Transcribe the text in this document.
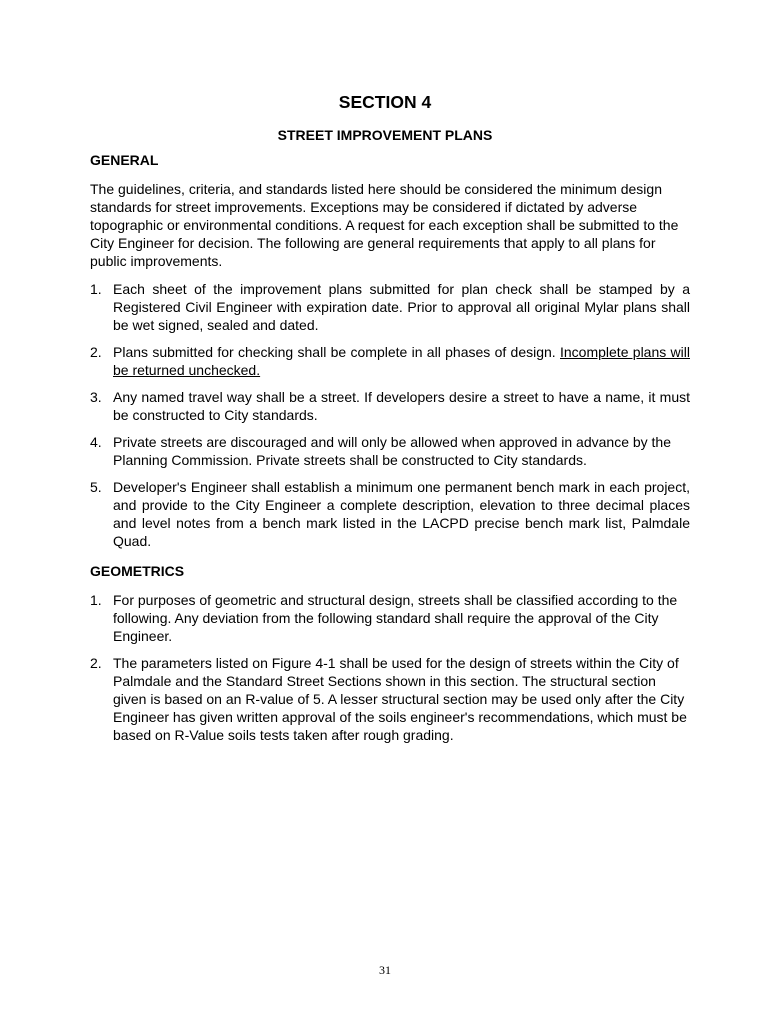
SECTION 4
STREET IMPROVEMENT PLANS
GENERAL

The guidelines, criteria, and standards listed here should be considered the minimum design standards for street improvements. Exceptions may be considered if dictated by adverse topographic or environmental conditions. A request for each exception shall be submitted to the City Engineer for decision. The following are general requirements that apply to all plans for public improvements.

1. Each sheet of the improvement plans submitted for plan check shall be stamped by a Registered Civil Engineer with expiration date. Prior to approval all original Mylar plans shall be wet signed, sealed and dated.
2. Plans submitted for checking shall be complete in all phases of design. Incomplete plans will be returned unchecked.
3. Any named travel way shall be a street. If developers desire a street to have a name, it must be constructed to City standards.
4. Private streets are discouraged and will only be allowed when approved in advance by the Planning Commission. Private streets shall be constructed to City standards.
5. Developer's Engineer shall establish a minimum one permanent bench mark in each project, and provide to the City Engineer a complete description, elevation to three decimal places and level notes from a bench mark listed in the LACPD precise bench mark list, Palmdale Quad.
GEOMETRICS
1. For purposes of geometric and structural design, streets shall be classified according to the following. Any deviation from the following standard shall require the approval of the City Engineer.
2. The parameters listed on Figure 4-1 shall be used for the design of streets within the City of Palmdale and the Standard Street Sections shown in this section. The structural section given is based on an R-value of 5. A lesser structural section may be used only after the City Engineer has given written approval of the soils engineer's recommendations, which must be based on R-Value soils tests taken after rough grading.
31
